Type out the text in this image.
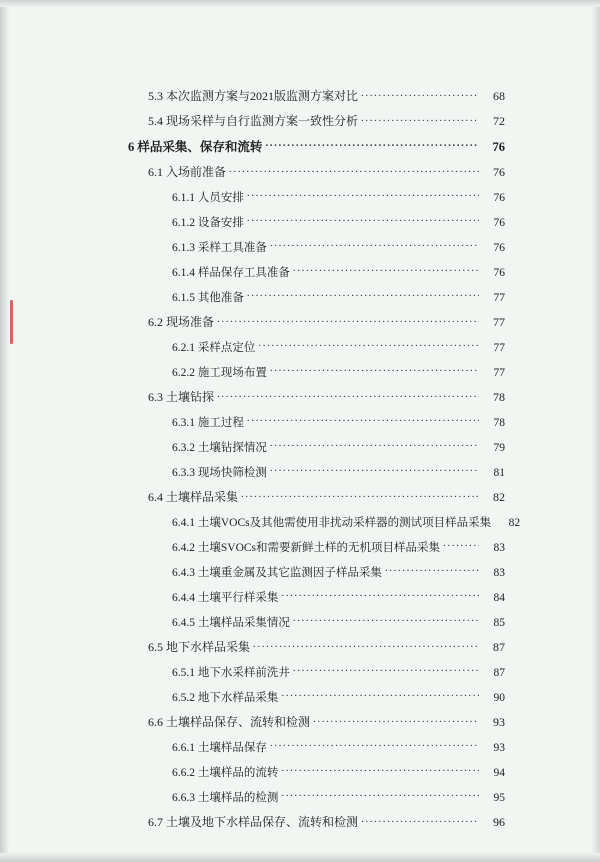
5.3 本次监测方案与2021版监测方案对比 .....	68
5.4 现场采样与自行监测方案一致性分析 .....	72
6 样品采集、保存和流转 .....	76
6.1 入场前准备 .....	76
6.1.1 人员安排 .....	76
6.1.2 设备安排 .....	76
6.1.3 采样工具准备 .....	76
6.1.4 样品保存工具准备 .....	76
6.1.5 其他准备 .....	77
6.2 现场准备 .....	77
6.2.1 采样点定位 .....	77
6.2.2 施工现场布置 .....	77
6.3 土壤钻探 .....	78
6.3.1 施工过程 .....	78
6.3.2 土壤钻探情况 .....	79
6.3.3 现场快筛检测 .....	81
6.4 土壤样品采集 .....	82
6.4.1 土壤VOCs及其他需使用非扰动采样器的测试项目样品采集	82
6.4.2 土壤SVOCs和需要新鲜土样的无机项目样品采集 .....	83
6.4.3 土壤重金属及其它监测因子样品采集 .....	83
6.4.4 土壤平行样采集 .....	84
6.4.5 土壤样品采集情况 .....	85
6.5 地下水样品采集 .....	87
6.5.1 地下水采样前洗井 .....	87
6.5.2 地下水样品采集 .....	90
6.6 土壤样品保存、流转和检测 .....	93
6.6.1 土壤样品保存 .....	93
6.6.2 土壤样品的流转 .....	94
6.6.3 土壤样品的检测 .....	95
6.7 土壤及地下水样品保存、流转和检测 .....	96
